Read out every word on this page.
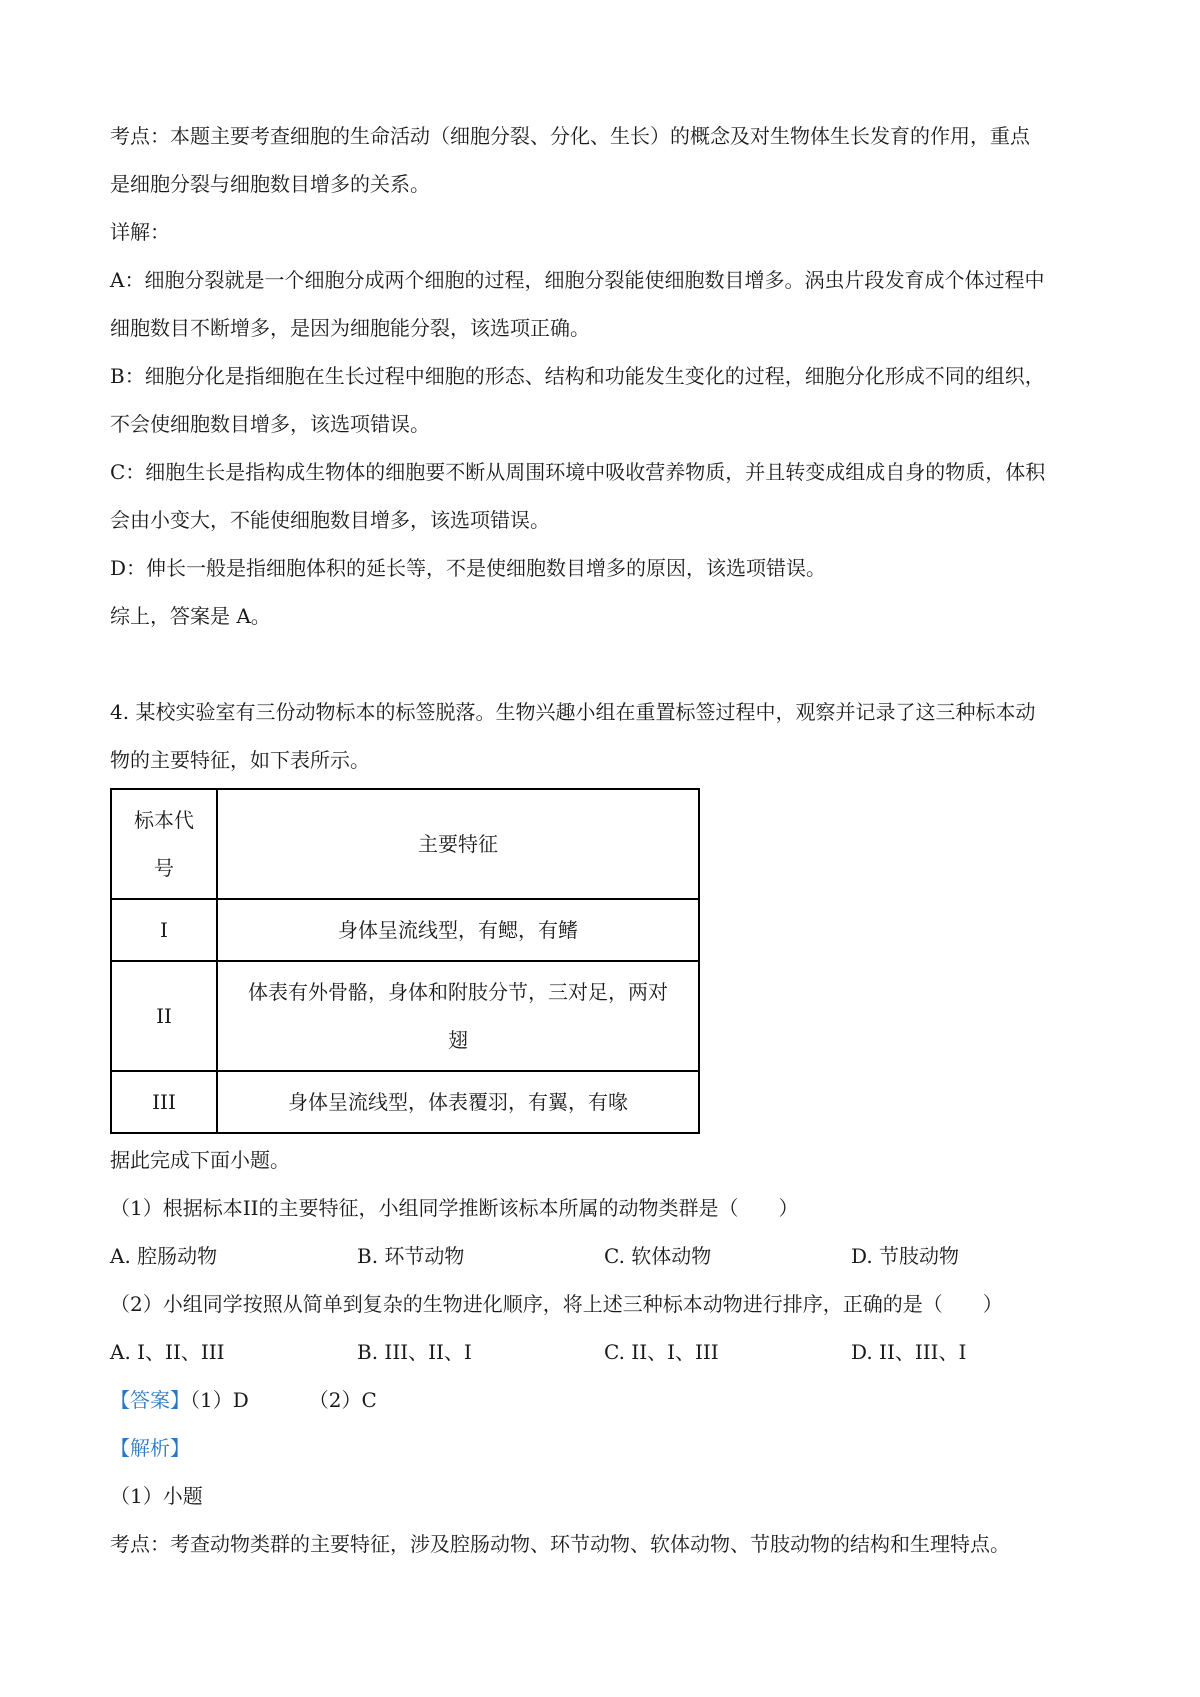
考点：本题主要考查细胞的生命活动（细胞分裂、分化、生长）的概念及对生物体生长发育的作用，重点

是细胞分裂与细胞数目增多的关系。

详解：

A：细胞分裂就是一个细胞分成两个细胞的过程，细胞分裂能使细胞数目增多。涡虫片段发育成个体过程中

细胞数目不断增多，是因为细胞能分裂，该选项正确。

B：细胞分化是指细胞在生长过程中细胞的形态、结构和功能发生变化的过程，细胞分化形成不同的组织，

不会使细胞数目增多，该选项错误。

C：细胞生长是指构成生物体的细胞要不断从周围环境中吸收营养物质，并且转变成组成自身的物质，体积

会由小变大，不能使细胞数目增多，该选项错误。

D：伸长一般是指细胞体积的延长等，不是使细胞数目增多的原因，该选项错误。

综上，答案是 A。

4. 某校实验室有三份动物标本的标签脱落。生物兴趣小组在重置标签过程中，观察并记录了这三种标本动

物的主要特征，如下表所示。

标本代
号	主要特征
I	身体呈流线型，有鳃，有鳍
II	体表有外骨骼，身体和附肢分节，三对足，两对
翅

III	身体呈流线型，体表覆羽，有翼，有喙

据此完成下面小题。

（1）根据标本II的主要特征，小组同学推断该标本所属的动物类群是（　　）

A. 腔肠动物	B. 环节动物	C. 软体动物	D. 节肢动物

（2）小组同学按照从简单到复杂的生物进化顺序，将上述三种标本动物进行排序，正确的是（　　）

A. I、II、III	B. III、II、I	C. II、I、III	D. II、III、I

【答案】（1）D	（2）C

【解析】

（1）小题

考点：考查动物类群的主要特征，涉及腔肠动物、环节动物、软体动物、节肢动物的结构和生理特点。
